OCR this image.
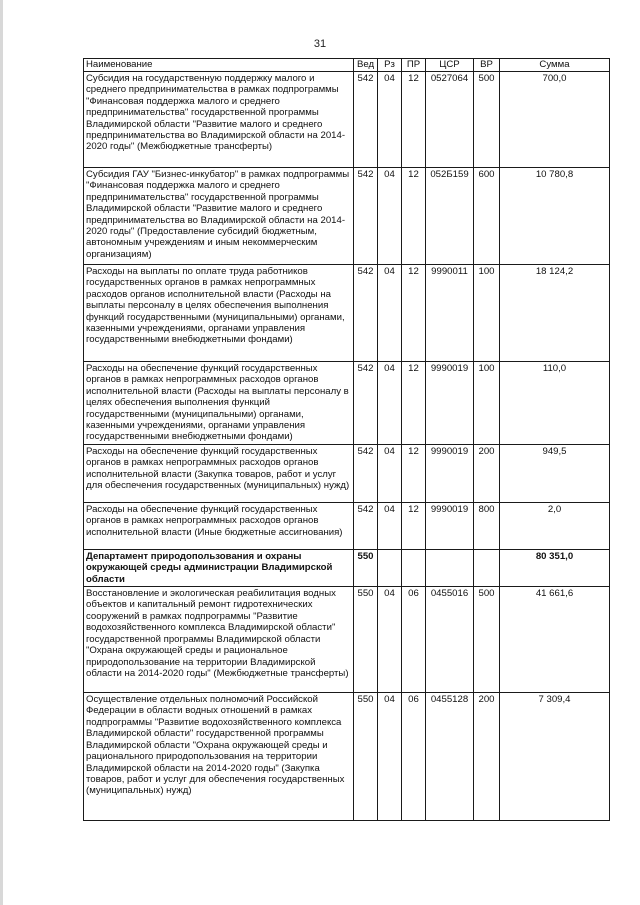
31
Наименование	Вед	Рз	ПР	ЦСР	ВР	Сумма
Субсидия на государственную поддержку малого и среднего предпринимательства в рамках подпрограммы "Финансовая поддержка малого и среднего предпринимательства" государственной программы Владимирской области "Развитие малого и среднего предпринимательства во Владимирской области на 2014-2020 годы" (Межбюджетные трансферты)	542	04	12	0527064	500	700,0
Субсидия ГАУ "Бизнес-инкубатор" в рамках подпрограммы "Финансовая поддержка малого и среднего предпринимательства" государственной программы Владимирской области "Развитие малого и среднего предпринимательства во Владимирской области на 2014-2020 годы" (Предоставление субсидий бюджетным, автономным учреждениям и иным некоммерческим организациям)	542	04	12	052Б159	600	10 780,8
Расходы на выплаты по оплате труда работников государственных органов в рамках непрограммных расходов органов исполнительной власти (Расходы на выплаты персоналу в целях обеспечения выполнения функций государственными (муниципальными) органами, казенными учреждениями, органами управления государственными внебюджетными фондами)	542	04	12	9990011	100	18 124,2
Расходы на обеспечение функций государственных органов в рамках непрограммных расходов органов исполнительной власти (Расходы на выплаты персоналу в целях обеспечения выполнения функций государственными (муниципальными) органами, казенными учреждениями, органами управления государственными внебюджетными фондами)	542	04	12	9990019	100	110,0
Расходы на обеспечение функций государственных органов в рамках непрограммных расходов органов исполнительной власти (Закупка товаров, работ и услуг для обеспечения государственных (муниципальных) нужд)	542	04	12	9990019	200	949,5
Расходы на обеспечение функций государственных органов в рамках непрограммных расходов органов исполнительной власти (Иные бюджетные ассигнования)	542	04	12	9990019	800	2,0
Департамент природопользования и охраны окружающей среды администрации Владимирской области	550					80 351,0
Восстановление и экологическая реабилитация водных объектов и капитальный ремонт гидротехнических сооружений в рамках подпрограммы "Развитие водохозяйственного комплекса Владимирской области" государственной программы Владимирской области "Охрана окружающей среды и рациональное природопользование на территории Владимирской области на 2014-2020 годы" (Межбюджетные трансферты)	550	04	06	0455016	500	41 661,6
Осуществление отдельных полномочий Российской Федерации в области водных отношений в рамках подпрограммы "Развитие водохозяйственного комплекса Владимирской области" государственной программы Владимирской области "Охрана окружающей среды и рационального природопользования на территории Владимирской области на 2014-2020 годы" (Закупка товаров, работ и услуг для обеспечения государственных (муниципальных) нужд)	550	04	06	0455128	200	7 309,4
